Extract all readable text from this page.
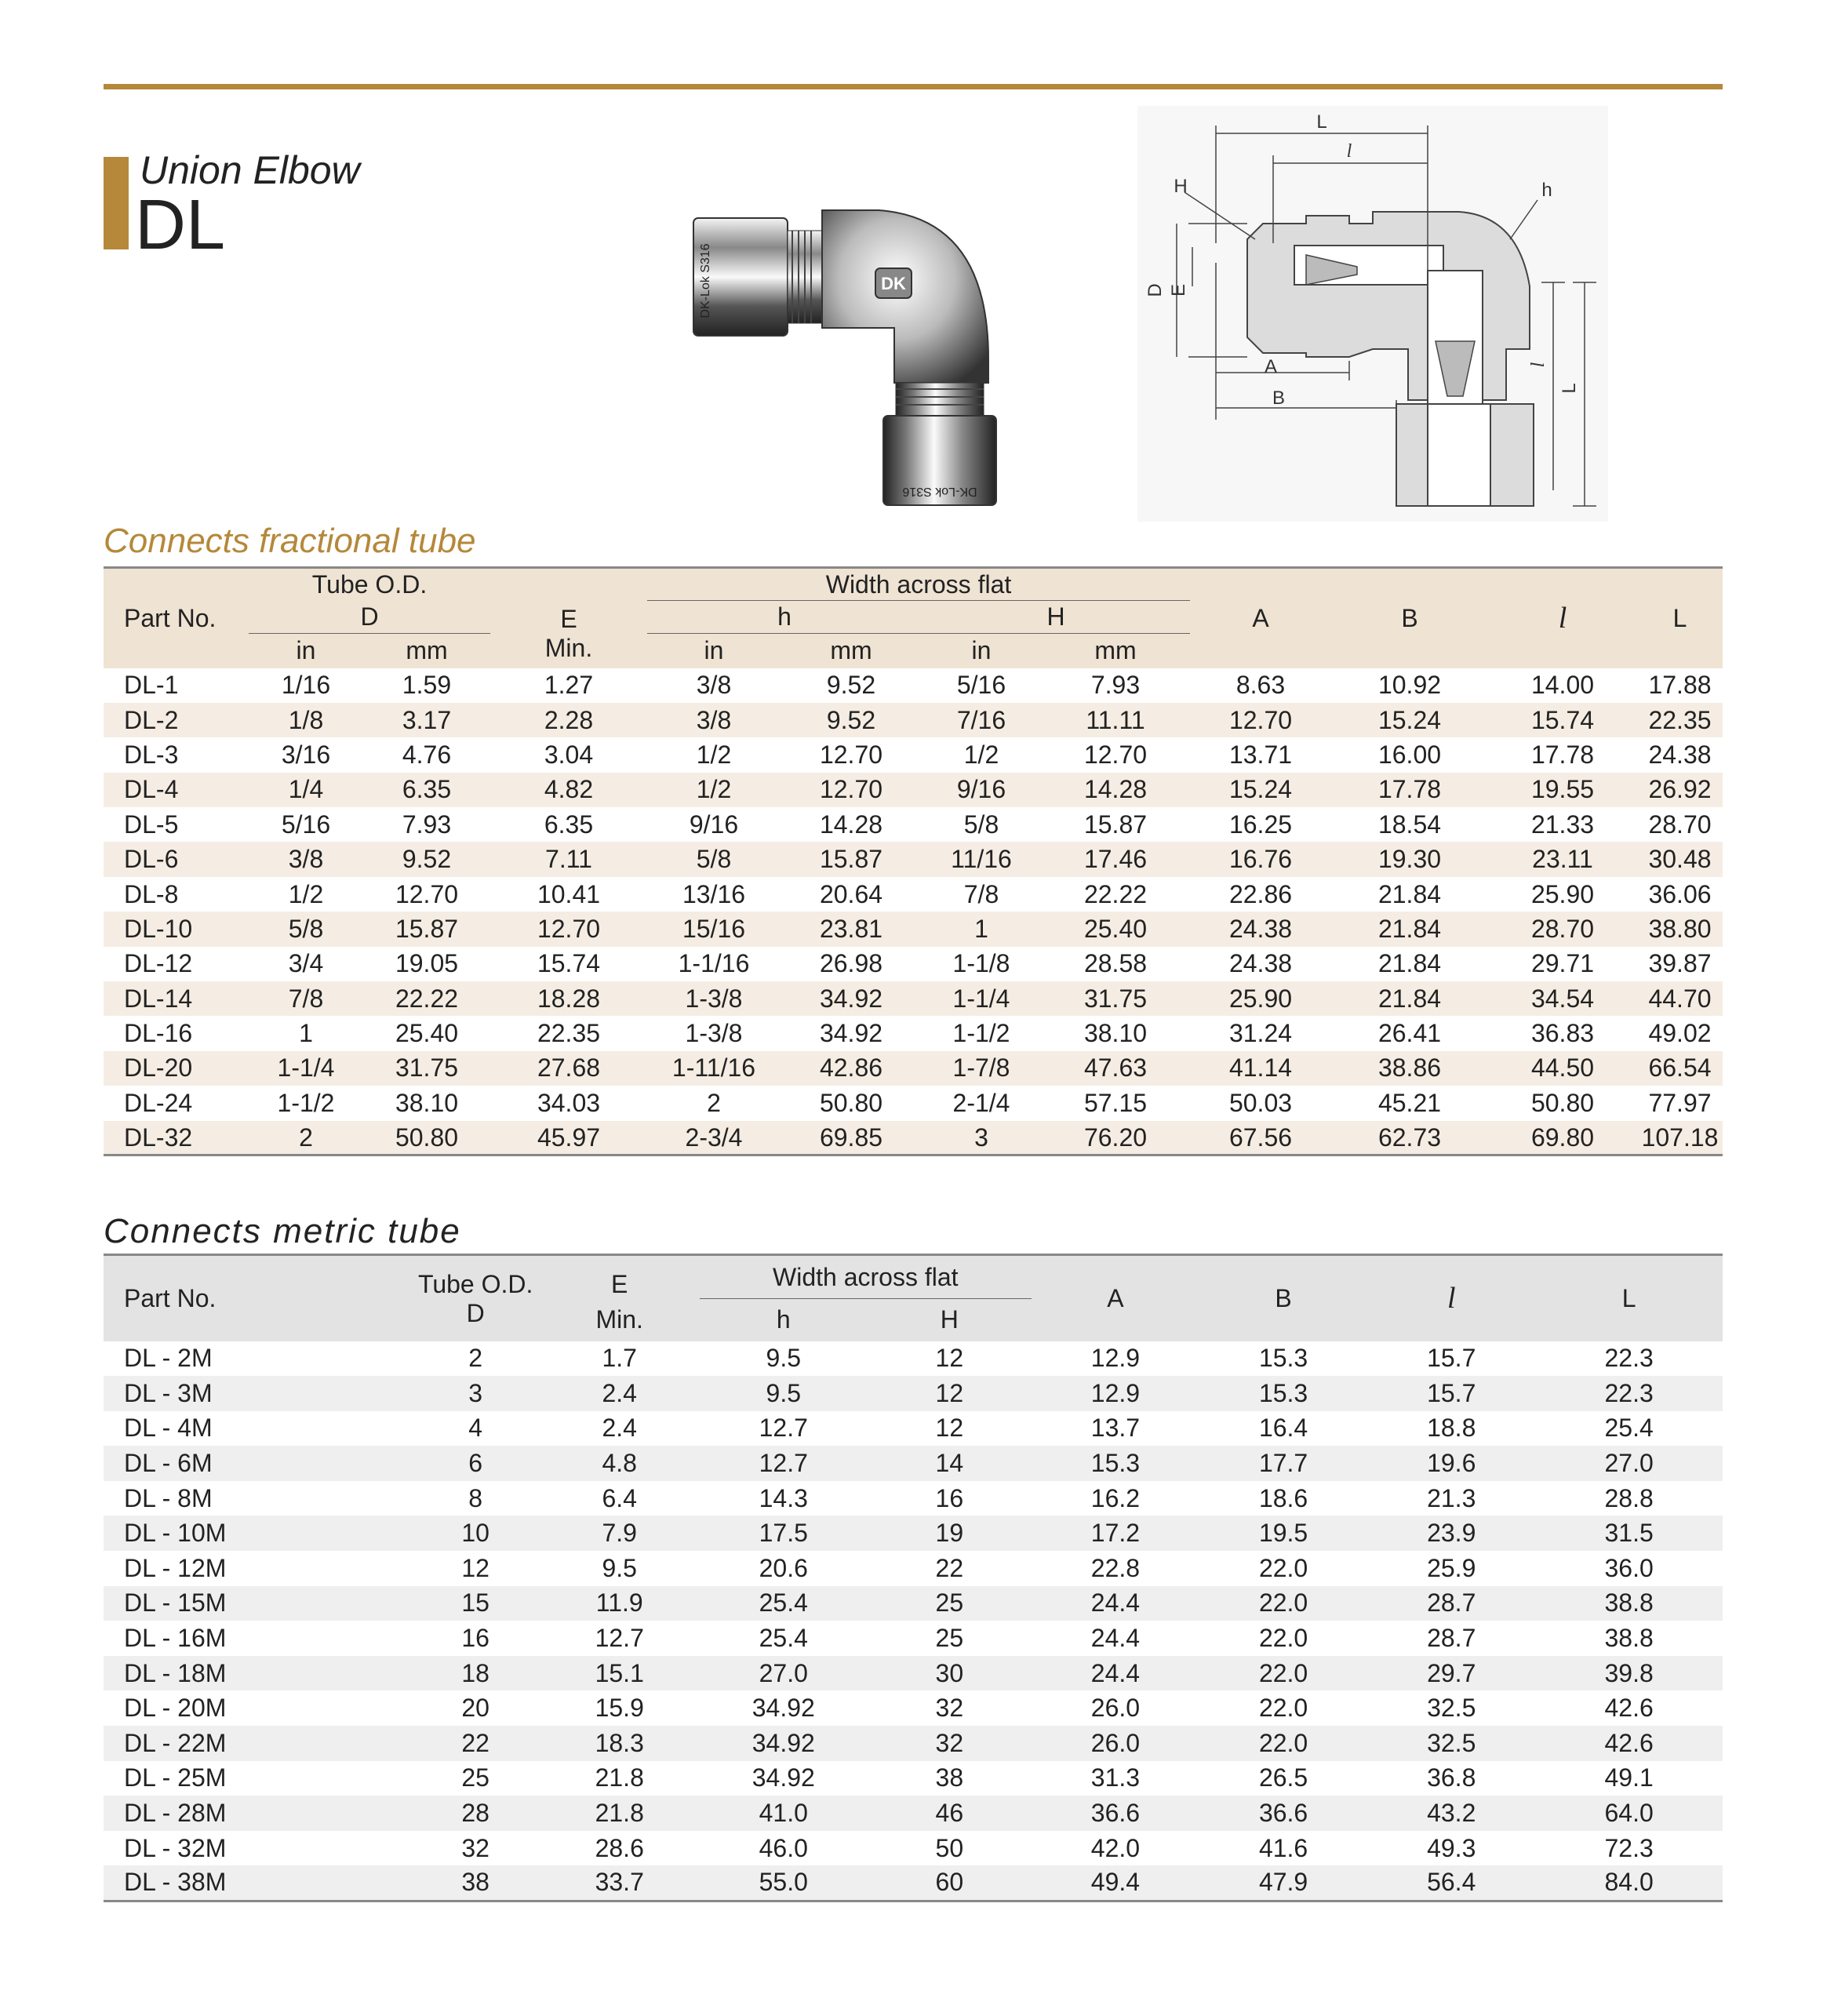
Union Elbow
DL
DK
DK-Lok S316
DK-Lok S316
L
l
H	h
D E
A
B
l
L
Connects fractional tube
Part No.	Tube O.D.		E	Width across flat				A	B	l	L
	D			h		H					
	in	mm	Min.	in	mm	in	mm				
DL-1	1/16	1.59	1.27	3/8	9.52	5/16	7.93	8.63	10.92	14.00	17.88
DL-2	1/8	3.17	2.28	3/8	9.52	7/16	11.11	12.70	15.24	15.74	22.35
DL-3	3/16	4.76	3.04	1/2	12.70	1/2	12.70	13.71	16.00	17.78	24.38
DL-4	1/4	6.35	4.82	1/2	12.70	9/16	14.28	15.24	17.78	19.55	26.92
DL-5	5/16	7.93	6.35	9/16	14.28	5/8	15.87	16.25	18.54	21.33	28.70
DL-6	3/8	9.52	7.11	5/8	15.87	11/16	17.46	16.76	19.30	23.11	30.48
DL-8	1/2	12.70	10.41	13/16	20.64	7/8	22.22	22.86	21.84	25.90	36.06
DL-10	5/8	15.87	12.70	15/16	23.81	1	25.40	24.38	21.84	28.70	38.80
DL-12	3/4	19.05	15.74	1-1/16	26.98	1-1/8	28.58	24.38	21.84	29.71	39.87
DL-14	7/8	22.22	18.28	1-3/8	34.92	1-1/4	31.75	25.90	21.84	34.54	44.70
DL-16	1	25.40	22.35	1-3/8	34.92	1-1/2	38.10	31.24	26.41	36.83	49.02
DL-20	1-1/4	31.75	27.68	1-11/16	42.86	1-7/8	47.63	41.14	38.86	44.50	66.54
DL-24	1-1/2	38.10	34.03	2	50.80	2-1/4	57.15	50.03	45.21	50.80	77.97
DL-32	2	50.80	45.97	2-3/4	69.85	3	76.20	67.56	62.73	69.80	107.18
Connects metric tube
Part No.	Tube O.D.	E	Width across flat		A	B	l	L
	D	Min.	h	H				
DL - 2M	2	1.7	9.5	12	12.9	15.3	15.7	22.3
DL - 3M	3	2.4	9.5	12	12.9	15.3	15.7	22.3
DL - 4M	4	2.4	12.7	12	13.7	16.4	18.8	25.4
DL - 6M	6	4.8	12.7	14	15.3	17.7	19.6	27.0
DL - 8M	8	6.4	14.3	16	16.2	18.6	21.3	28.8
DL - 10M	10	7.9	17.5	19	17.2	19.5	23.9	31.5
DL - 12M	12	9.5	20.6	22	22.8	22.0	25.9	36.0
DL - 15M	15	11.9	25.4	25	24.4	22.0	28.7	38.8
DL - 16M	16	12.7	25.4	25	24.4	22.0	28.7	38.8
DL - 18M	18	15.1	27.0	30	24.4	22.0	29.7	39.8
DL - 20M	20	15.9	34.92	32	26.0	22.0	32.5	42.6
DL - 22M	22	18.3	34.92	32	26.0	22.0	32.5	42.6
DL - 25M	25	21.8	34.92	38	31.3	26.5	36.8	49.1
DL - 28M	28	21.8	41.0	46	36.6	36.6	43.2	64.0
DL - 32M	32	28.6	46.0	50	42.0	41.6	49.3	72.3
DL - 38M	38	33.7	55.0	60	49.4	47.9	56.4	84.0
